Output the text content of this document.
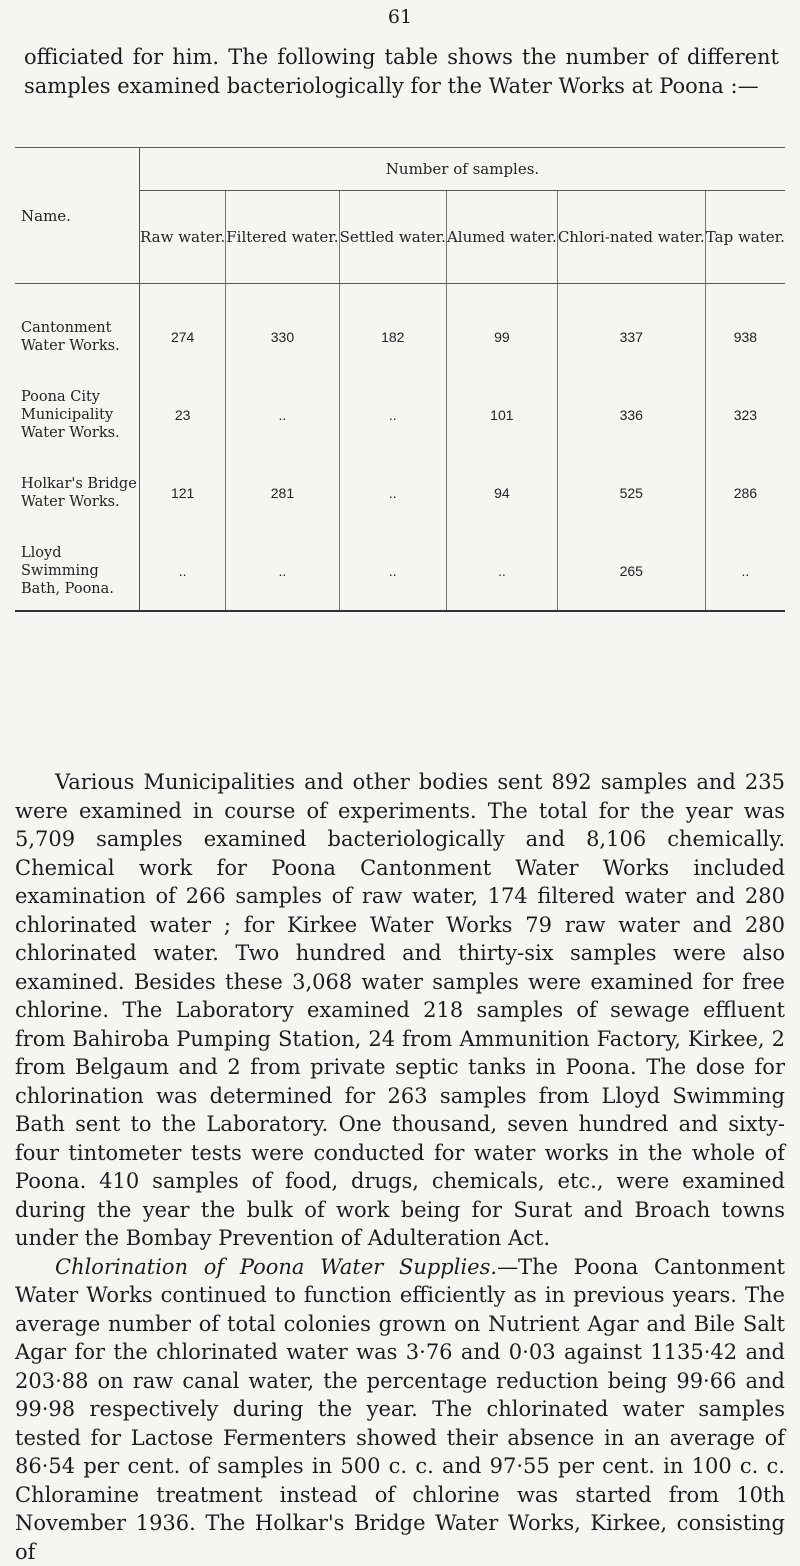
61

officiated for him. The following table shows the number of different samples examined bacteriologically for the Water Works at Poona :—

Name.	Number of samples.					
	Raw water.	Filtered water.	Settled water.	Alumed water.	Chlori-nated water.	Tap water.
Cantonment Water Works.	274	330	182	99	337	938
Poona City Municipality Water Works.	23	..	..	101	336	323
Holkar's Bridge Water Works.	121	281	..	94	525	286
Lloyd Swimming Bath, Poona.	..	..	..	..	265	..

Various Municipalities and other bodies sent 892 samples and 235 were examined in course of experiments. The total for the year was 5,709 samples examined bacteriologically and 8,106 chemically. Chemical work for Poona Cantonment Water Works included examination of 266 samples of raw water, 174 filtered water and 280 chlorinated water ; for Kirkee Water Works 79 raw water and 280 chlorinated water. Two hundred and thirty-six samples were also examined. Besides these 3,068 water samples were examined for free chlorine. The Laboratory examined 218 samples of sewage effluent from Bahiroba Pumping Station, 24 from Ammunition Factory, Kirkee, 2 from Belgaum and 2 from private septic tanks in Poona. The dose for chlorination was determined for 263 samples from Lloyd Swimming Bath sent to the Laboratory. One thousand, seven hundred and sixty-four tintometer tests were conducted for water works in the whole of Poona. 410 samples of food, drugs, chemicals, etc., were examined during the year the bulk of work being for Surat and Broach towns under the Bombay Prevention of Adulteration Act.

Chlorination of Poona Water Supplies.—The Poona Cantonment Water Works continued to function efficiently as in previous years. The average number of total colonies grown on Nutrient Agar and Bile Salt Agar for the chlorinated water was 3·76 and 0·03 against 1135·42 and 203·88 on raw canal water, the percentage reduction being 99·66 and 99·98 respectively during the year. The chlorinated water samples tested for Lactose Fermenters showed their absence in an average of 86·54 per cent. of samples in 500 c. c. and 97·55 per cent. in 100 c. c. Chloramine treatment instead of chlorine was started from 10th November 1936. The Holkar's Bridge Water Works, Kirkee, consisting of
